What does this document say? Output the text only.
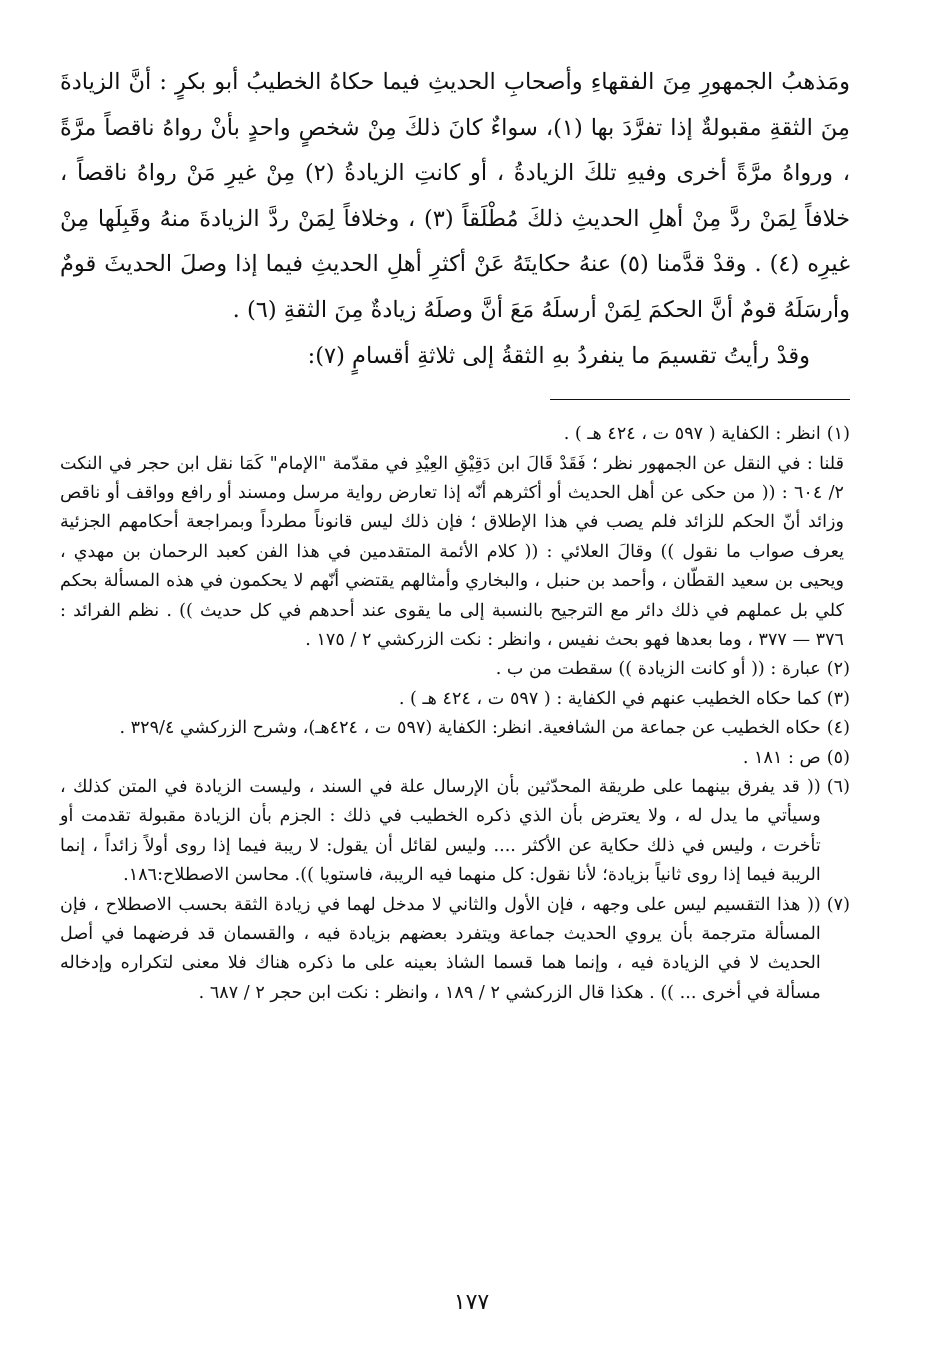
ومَذهبُ الجمهورِ مِنَ الفقهاءِ وأصحابِ الحديثِ فيما حكاهُ الخطيبُ أبو بكرٍ : أنَّ الزيادةَ مِنَ الثقةِ مقبولةٌ إذا تفرَّدَ بها (١)، سواءٌ كانَ ذلكَ مِنْ شخصٍ واحدٍ بأنْ رواهُ ناقصاً مرَّةً ، ورواهُ مرَّةً أخرى وفيهِ تلكَ الزيادةُ ، أو كانتِ الزيادةُ (٢) مِنْ غيرِ مَنْ رواهُ ناقصاً ، خلافاً لِمَنْ ردَّ مِنْ أهلِ الحديثِ ذلكَ مُطْلَقاً (٣) ، وخلافاً لِمَنْ ردَّ الزيادةَ منهُ وقَبِلَها مِنْ غيرِه (٤) . وقدْ قدَّمنا (٥) عنهُ حكايتَهُ عَنْ أكثرِ أهلِ الحديثِ فيما إذا وصلَ الحديثَ قومٌ وأرسَلَهُ قومٌ أنَّ الحكمَ لِمَنْ أرسلَهُ مَعَ أنَّ وصلَهُ زيادةٌ مِنَ الثقةِ (٦) .

وقدْ رأيتُ تقسيمَ ما ينفردُ بهِ الثقةُ إلى ثلاثةِ أقسامٍ (٧):

(١)
انظر : الكفاية ( ٥٩٧ ت ، ٤٢٤ هـ ) .
قلنا : في النقل عن الجمهور نظر ؛ فَقَدْ قَالَ ابن دَقِيْقِ العِيْدِ في مقدّمة "الإمام" كَمَا نقل ابن حجر في النكت ٢/ ٦٠٤ : (( من حكى عن أهل الحديث أو أكثرهم أنّه إذا تعارض رواية مرسل ومسند أو رافع وواقف أو ناقص وزائد أنّ الحكم للزائد فلم يصب في هذا الإطلاق ؛ فإن ذلك ليس قانوناً مطرداً وبمراجعة أحكامهم الجزئية يعرف صواب ما نقول )) وقالَ العلائي : (( كلام الأئمة المتقدمين في هذا الفن كعبد الرحمان بن مهدي ، ويحيى بن سعيد القطّان ، وأحمد بن حنبل ، والبخاري وأمثالهم يقتضي أنّهم لا يحكمون في هذه المسألة بحكم كلي بل عملهم في ذلك دائر مع الترجيح بالنسبة إلى ما يقوى عند أحدهم في كل حديث )) . نظم الفرائد : ٣٧٦ — ٣٧٧ ، وما بعدها فهو بحث نفيس ، وانظر : نكت الزركشي ٢ / ١٧٥ .
(٢)
عبارة : (( أو كانت الزيادة )) سقطت من ب .
(٣)
كما حكاه الخطيب عنهم في الكفاية : ( ٥٩٧ ت ، ٤٢٤ هـ ) .
(٤)
حكاه الخطيب عن جماعة من الشافعية. انظر: الكفاية (٥٩٧ ت ، ٤٢٤هـ)، وشرح الزركشي ٣٢٩/٤ .
(٥)
ص : ١٨١ .
(٦)
(( قد يفرق بينهما على طريقة المحدّثين بأن الإرسال علة في السند ، وليست الزيادة في المتن كذلك ، وسيأتي ما يدل له ، ولا يعترض بأن الذي ذكره الخطيب في ذلك : الجزم بأن الزيادة مقبولة تقدمت أو تأخرت ، وليس في ذلك حكاية عن الأكثر .... وليس لقائل أن يقول: لا ريبة فيما إذا روى أولاً زائداً ، إنما الريبة فيما إذا روى ثانياً بزيادة؛ لأنا نقول: كل منهما فيه الريبة، فاستويا )). محاسن الاصطلاح:١٨٦.
(٧)
(( هذا التقسيم ليس على وجهه ، فإن الأول والثاني لا مدخل لهما في زيادة الثقة بحسب الاصطلاح ، فإن المسألة مترجمة بأن يروي الحديث جماعة ويتفرد بعضهم بزيادة فيه ، والقسمان قد فرضهما في أصل الحديث لا في الزيادة فيه ، وإنما هما قسما الشاذ بعينه على ما ذكره هناك فلا معنى لتكراره وإدخاله مسألة في أخرى ... )) . هكذا قال الزركشي ٢ / ١٨٩ ، وانظر : نكت ابن حجر ٢ / ٦٨٧ .
١٧٧
